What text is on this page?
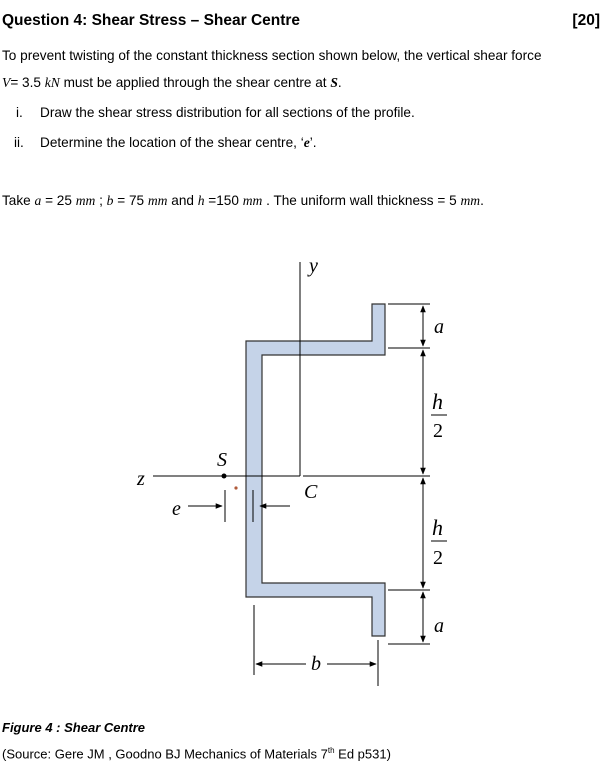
Question 4: Shear Stress – Shear Centre	[20]
To prevent twisting of the constant thickness section shown below, the vertical shear force
V= 3.5 kN must be applied through the shear centre at S.
i. Draw the shear stress distribution for all sections of the profile.
ii. Determine the location of the shear centre, ‘e’.
Take a = 25 mm ; b = 75 mm and h =150 mm . The uniform wall thickness = 5 mm.
y
z
S
e
C
b
a
h
2
h
2
a
Figure 4 : Shear Centre
(Source: Gere JM , Goodno BJ Mechanics of Materials 7th Ed p531)
